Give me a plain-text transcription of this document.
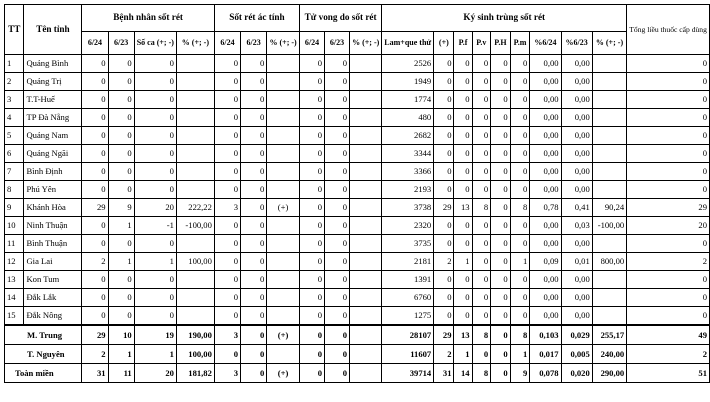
TT	Tên tỉnh	Bệnh nhân sốt rét				Sốt rét ác tính			Tử vong do sốt rét			Ký sinh trùng sốt rét									Tổng liều thuốc cấp dùng
		6/24	6/23	Số ca (+; -)	% (+; -)	6/24	6/23	% (+; -)	6/24	6/23	% (+; -)	Lam+que thử	(+)	P.f	P.v	P.H	P.m	%6/24	%6/23	% (+; -)	
1	Quảng Bình	0	0	0		0	0		0	0		2526	0	0	0	0	0	0,00	0,00		0
2	Quảng Trị	0	0	0		0	0		0	0		1949	0	0	0	0	0	0,00	0,00		0
3	T.T-Huế	0	0	0		0	0		0	0		1774	0	0	0	0	0	0,00	0,00		0
4	TP Đà Nẵng	0	0	0		0	0		0	0		480	0	0	0	0	0	0,00	0,00		0
5	Quảng Nam	0	0	0		0	0		0	0		2682	0	0	0	0	0	0,00	0,00		0
6	Quảng Ngãi	0	0	0		0	0		0	0		3344	0	0	0	0	0	0,00	0,00		0
7	Bình Định	0	0	0		0	0		0	0		3366	0	0	0	0	0	0,00	0,00		0
8	Phú Yên	0	0	0		0	0		0	0		2193	0	0	0	0	0	0,00	0,00		0
9	Khánh Hòa	29	9	20	222,22	3	0	(+)	0	0		3738	29	13	8	0	8	0,78	0,41	90,24	29
10	Ninh Thuận	0	1	-1	-100,00	0	0		0	0		2320	0	0	0	0	0	0,00	0,03	-100,00	20
11	Bình Thuận	0	0	0		0	0		0	0		3735	0	0	0	0	0	0,00	0,00		0
12	Gia Lai	2	1	1	100,00	0	0		0	0		2181	2	1	0	0	1	0,09	0,01	800,00	2
13	Kon Tum	0	0	0		0	0		0	0		1391	0	0	0	0	0	0,00	0,00		0
14	Đắk Lắk	0	0	0		0	0		0	0		6760	0	0	0	0	0	0,00	0,00		0
15	Đắk Nông	0	0	0		0	0		0	0		1275	0	0	0	0	0	0,00	0,00		0
M. Trung		29	10	19	190,00	3	0	(+)	0	0		28107	29	13	8	0	8	0,103	0,029	255,17	49
T. Nguyên		2	1	1	100,00	0	0		0	0		11607	2	1	0	0	1	0,017	0,005	240,00	2
Toàn miền		31	11	20	181,82	3	0	(+)	0	0		39714	31	14	8	0	9	0,078	0,020	290,00	51
